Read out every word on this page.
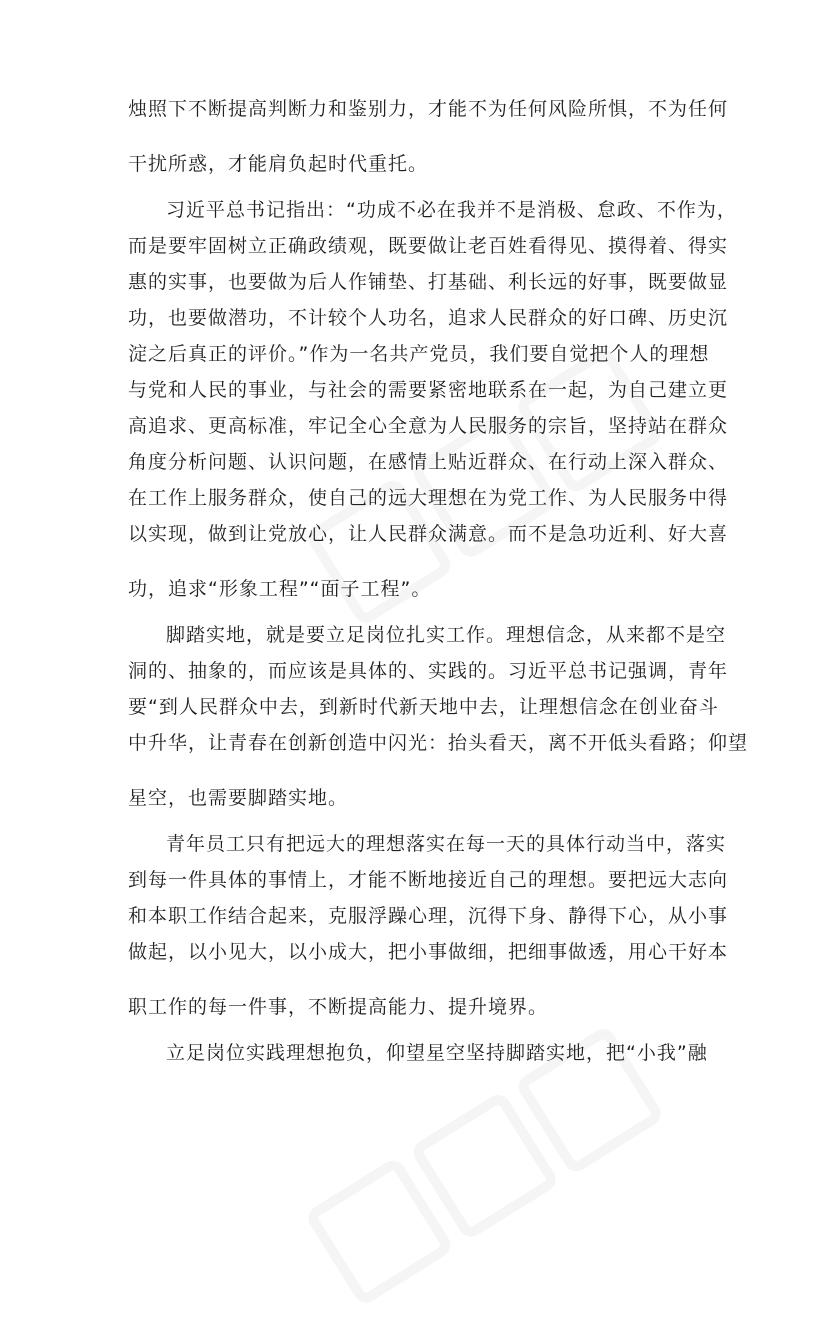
烛照下不断提高判断力和鉴别力，才能不为任何风险所惧，不为任何
干扰所惑，才能肩负起时代重托。
习近平总书记指出：“功成不必在我并不是消极、怠政、不作为，
而是要牢固树立正确政绩观，既要做让老百姓看得见、摸得着、得实
惠的实事，也要做为后人作铺垫、打基础、利长远的好事，既要做显
功，也要做潜功，不计较个人功名，追求人民群众的好口碑、历史沉
淀之后真正的评价。”作为一名共产党员，我们要自觉把个人的理想
与党和人民的事业，与社会的需要紧密地联系在一起，为自己建立更
高追求、更高标准，牢记全心全意为人民服务的宗旨，坚持站在群众
角度分析问题、认识问题，在感情上贴近群众、在行动上深入群众、
在工作上服务群众，使自己的远大理想在为党工作、为人民服务中得
以实现，做到让党放心，让人民群众满意。而不是急功近利、好大喜
功，追求“形象工程”“面子工程”。
脚踏实地，就是要立足岗位扎实工作。理想信念，从来都不是空
洞的、抽象的，而应该是具体的、实践的。习近平总书记强调，青年
要“到人民群众中去，到新时代新天地中去，让理想信念在创业奋斗
中升华，让青春在创新创造中闪光：抬头看天，离不开低头看路；仰望
星空，也需要脚踏实地。
青年员工只有把远大的理想落实在每一天的具体行动当中，落实
到每一件具体的事情上，才能不断地接近自己的理想。要把远大志向
和本职工作结合起来，克服浮躁心理，沉得下身、静得下心，从小事
做起，以小见大，以小成大，把小事做细，把细事做透，用心干好本
职工作的每一件事，不断提高能力、提升境界。
立足岗位实践理想抱负，仰望星空坚持脚踏实地，把“小我”融
